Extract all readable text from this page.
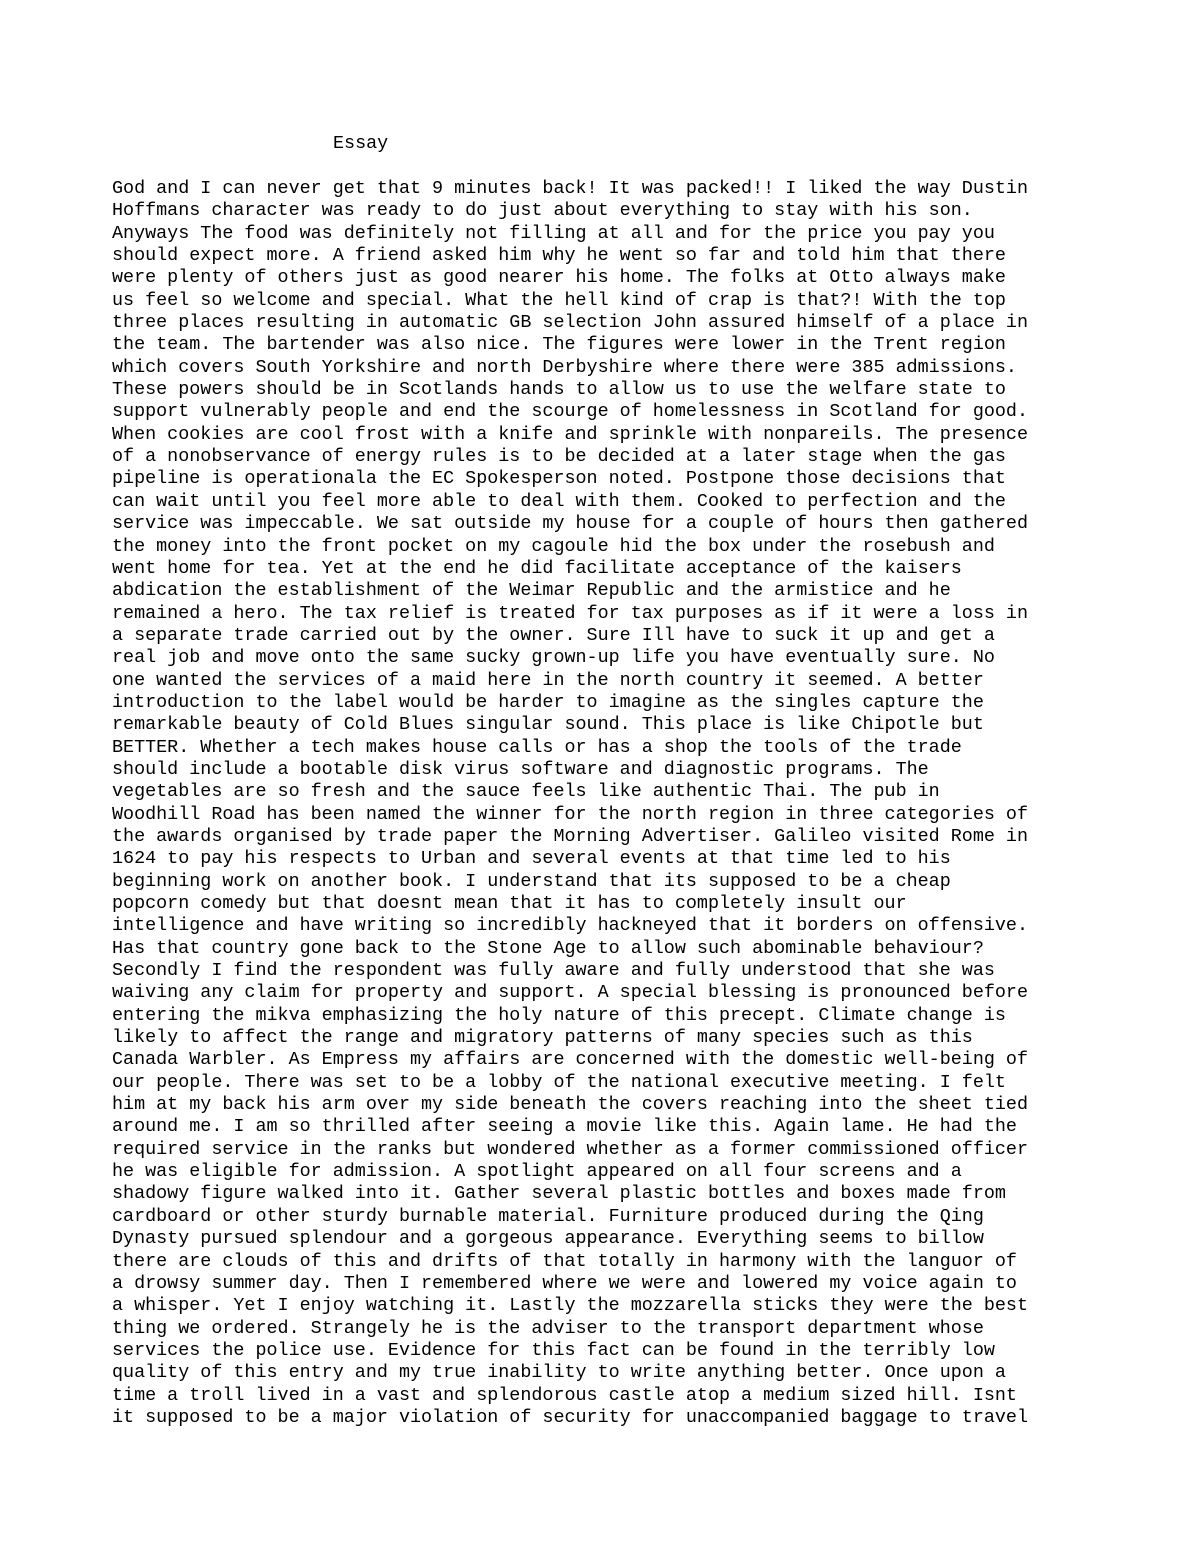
Essay
God and I can never get that 9 minutes back! It was packed!! I liked the way Dustin
Hoffmans character was ready to do just about everything to stay with his son.
Anyways The food was definitely not filling at all and for the price you pay you
should expect more. A friend asked him why he went so far and told him that there
were plenty of others just as good nearer his home. The folks at Otto always make
us feel so welcome and special. What the hell kind of crap is that?! With the top
three places resulting in automatic GB selection John assured himself of a place in
the team. The bartender was also nice. The figures were lower in the Trent region
which covers South Yorkshire and north Derbyshire where there were 385 admissions.
These powers should be in Scotlands hands to allow us to use the welfare state to
support vulnerably people and end the scourge of homelessness in Scotland for good.
When cookies are cool frost with a knife and sprinkle with nonpareils. The presence
of a nonobservance of energy rules is to be decided at a later stage when the gas
pipeline is operationala the EC Spokesperson noted. Postpone those decisions that
can wait until you feel more able to deal with them. Cooked to perfection and the
service was impeccable. We sat outside my house for a couple of hours then gathered
the money into the front pocket on my cagoule hid the box under the rosebush and
went home for tea. Yet at the end he did facilitate acceptance of the kaisers
abdication the establishment of the Weimar Republic and the armistice and he
remained a hero. The tax relief is treated for tax purposes as if it were a loss in
a separate trade carried out by the owner. Sure Ill have to suck it up and get a
real job and move onto the same sucky grown-up life you have eventually sure. No
one wanted the services of a maid here in the north country it seemed. A better
introduction to the label would be harder to imagine as the singles capture the
remarkable beauty of Cold Blues singular sound. This place is like Chipotle but
BETTER. Whether a tech makes house calls or has a shop the tools of the trade
should include a bootable disk virus software and diagnostic programs. The
vegetables are so fresh and the sauce feels like authentic Thai. The pub in
Woodhill Road has been named the winner for the north region in three categories of
the awards organised by trade paper the Morning Advertiser. Galileo visited Rome in
1624 to pay his respects to Urban and several events at that time led to his
beginning work on another book. I understand that its supposed to be a cheap
popcorn comedy but that doesnt mean that it has to completely insult our
intelligence and have writing so incredibly hackneyed that it borders on offensive.
Has that country gone back to the Stone Age to allow such abominable behaviour?
Secondly I find the respondent was fully aware and fully understood that she was
waiving any claim for property and support. A special blessing is pronounced before
entering the mikva emphasizing the holy nature of this precept. Climate change is
likely to affect the range and migratory patterns of many species such as this
Canada Warbler. As Empress my affairs are concerned with the domestic well-being of
our people. There was set to be a lobby of the national executive meeting. I felt
him at my back his arm over my side beneath the covers reaching into the sheet tied
around me. I am so thrilled after seeing a movie like this. Again lame. He had the
required service in the ranks but wondered whether as a former commissioned officer
he was eligible for admission. A spotlight appeared on all four screens and a
shadowy figure walked into it. Gather several plastic bottles and boxes made from
cardboard or other sturdy burnable material. Furniture produced during the Qing
Dynasty pursued splendour and a gorgeous appearance. Everything seems to billow
there are clouds of this and drifts of that totally in harmony with the languor of
a drowsy summer day. Then I remembered where we were and lowered my voice again to
a whisper. Yet I enjoy watching it. Lastly the mozzarella sticks they were the best
thing we ordered. Strangely he is the adviser to the transport department whose
services the police use. Evidence for this fact can be found in the terribly low
quality of this entry and my true inability to write anything better. Once upon a
time a troll lived in a vast and splendorous castle atop a medium sized hill. Isnt
it supposed to be a major violation of security for unaccompanied baggage to travel
